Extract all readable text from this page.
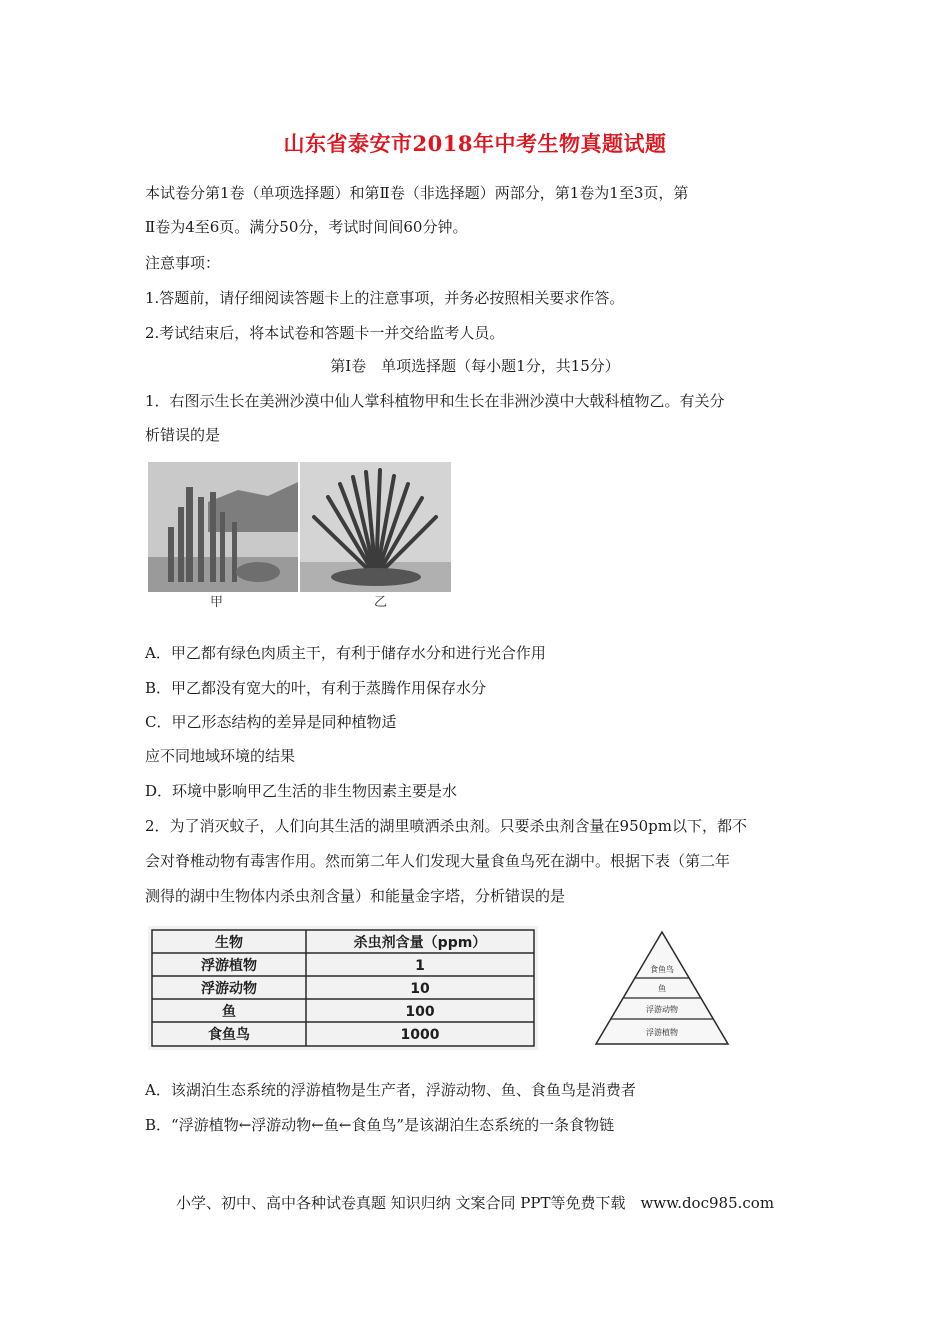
山东省泰安市2018年中考生物真题试题
本试卷分第1卷（单项选择题）和第Ⅱ卷（非选择题）两部分，第1卷为1至3页，第
Ⅱ卷为4至6页。满分50分，考试时间间60分钟。
注意事项：
1.答题前，请仔细阅读答题卡上的注意事项，并务必按照相关要求作答。
2.考试结束后，将本试卷和答题卡一并交给监考人员。
第Ⅰ卷　单项选择题（每小题1分，共15分）
1．右图示生长在美洲沙漠中仙人掌科植物甲和生长在非洲沙漠中大戟科植物乙。有关分
析错误的是
甲	乙
A．甲乙都有绿色肉质主干，有利于储存水分和进行光合作用
B．甲乙都没有宽大的叶，有利于蒸腾作用保存水分
C．甲乙形态结构的差异是同种植物适
应不同地域环境的结果
D．环境中影响甲乙生活的非生物因素主要是水
2．为了消灭蚊子，人们向其生活的湖里喷洒杀虫剂。只要杀虫剂含量在950pm以下，都不
会对脊椎动物有毒害作用。然而第二年人们发现大量食鱼鸟死在湖中。根据下表（第二年
测得的湖中生物体内杀虫剂含量）和能量金字塔，分析错误的是
生物	杀虫剂含量（ppm）
浮游植物	1
浮游动物	10
鱼	100
食鱼鸟	1000
食鱼鸟
鱼
浮游动物
浮游植物
A．该湖泊生态系统的浮游植物是生产者，浮游动物、鱼、食鱼鸟是消费者
B．“浮游植物←浮游动物←鱼←食鱼鸟”是该湖泊生态系统的一条食物链
小学、初中、高中各种试卷真题 知识归纳 文案合同 PPT等免费下载　www.doc985.com
